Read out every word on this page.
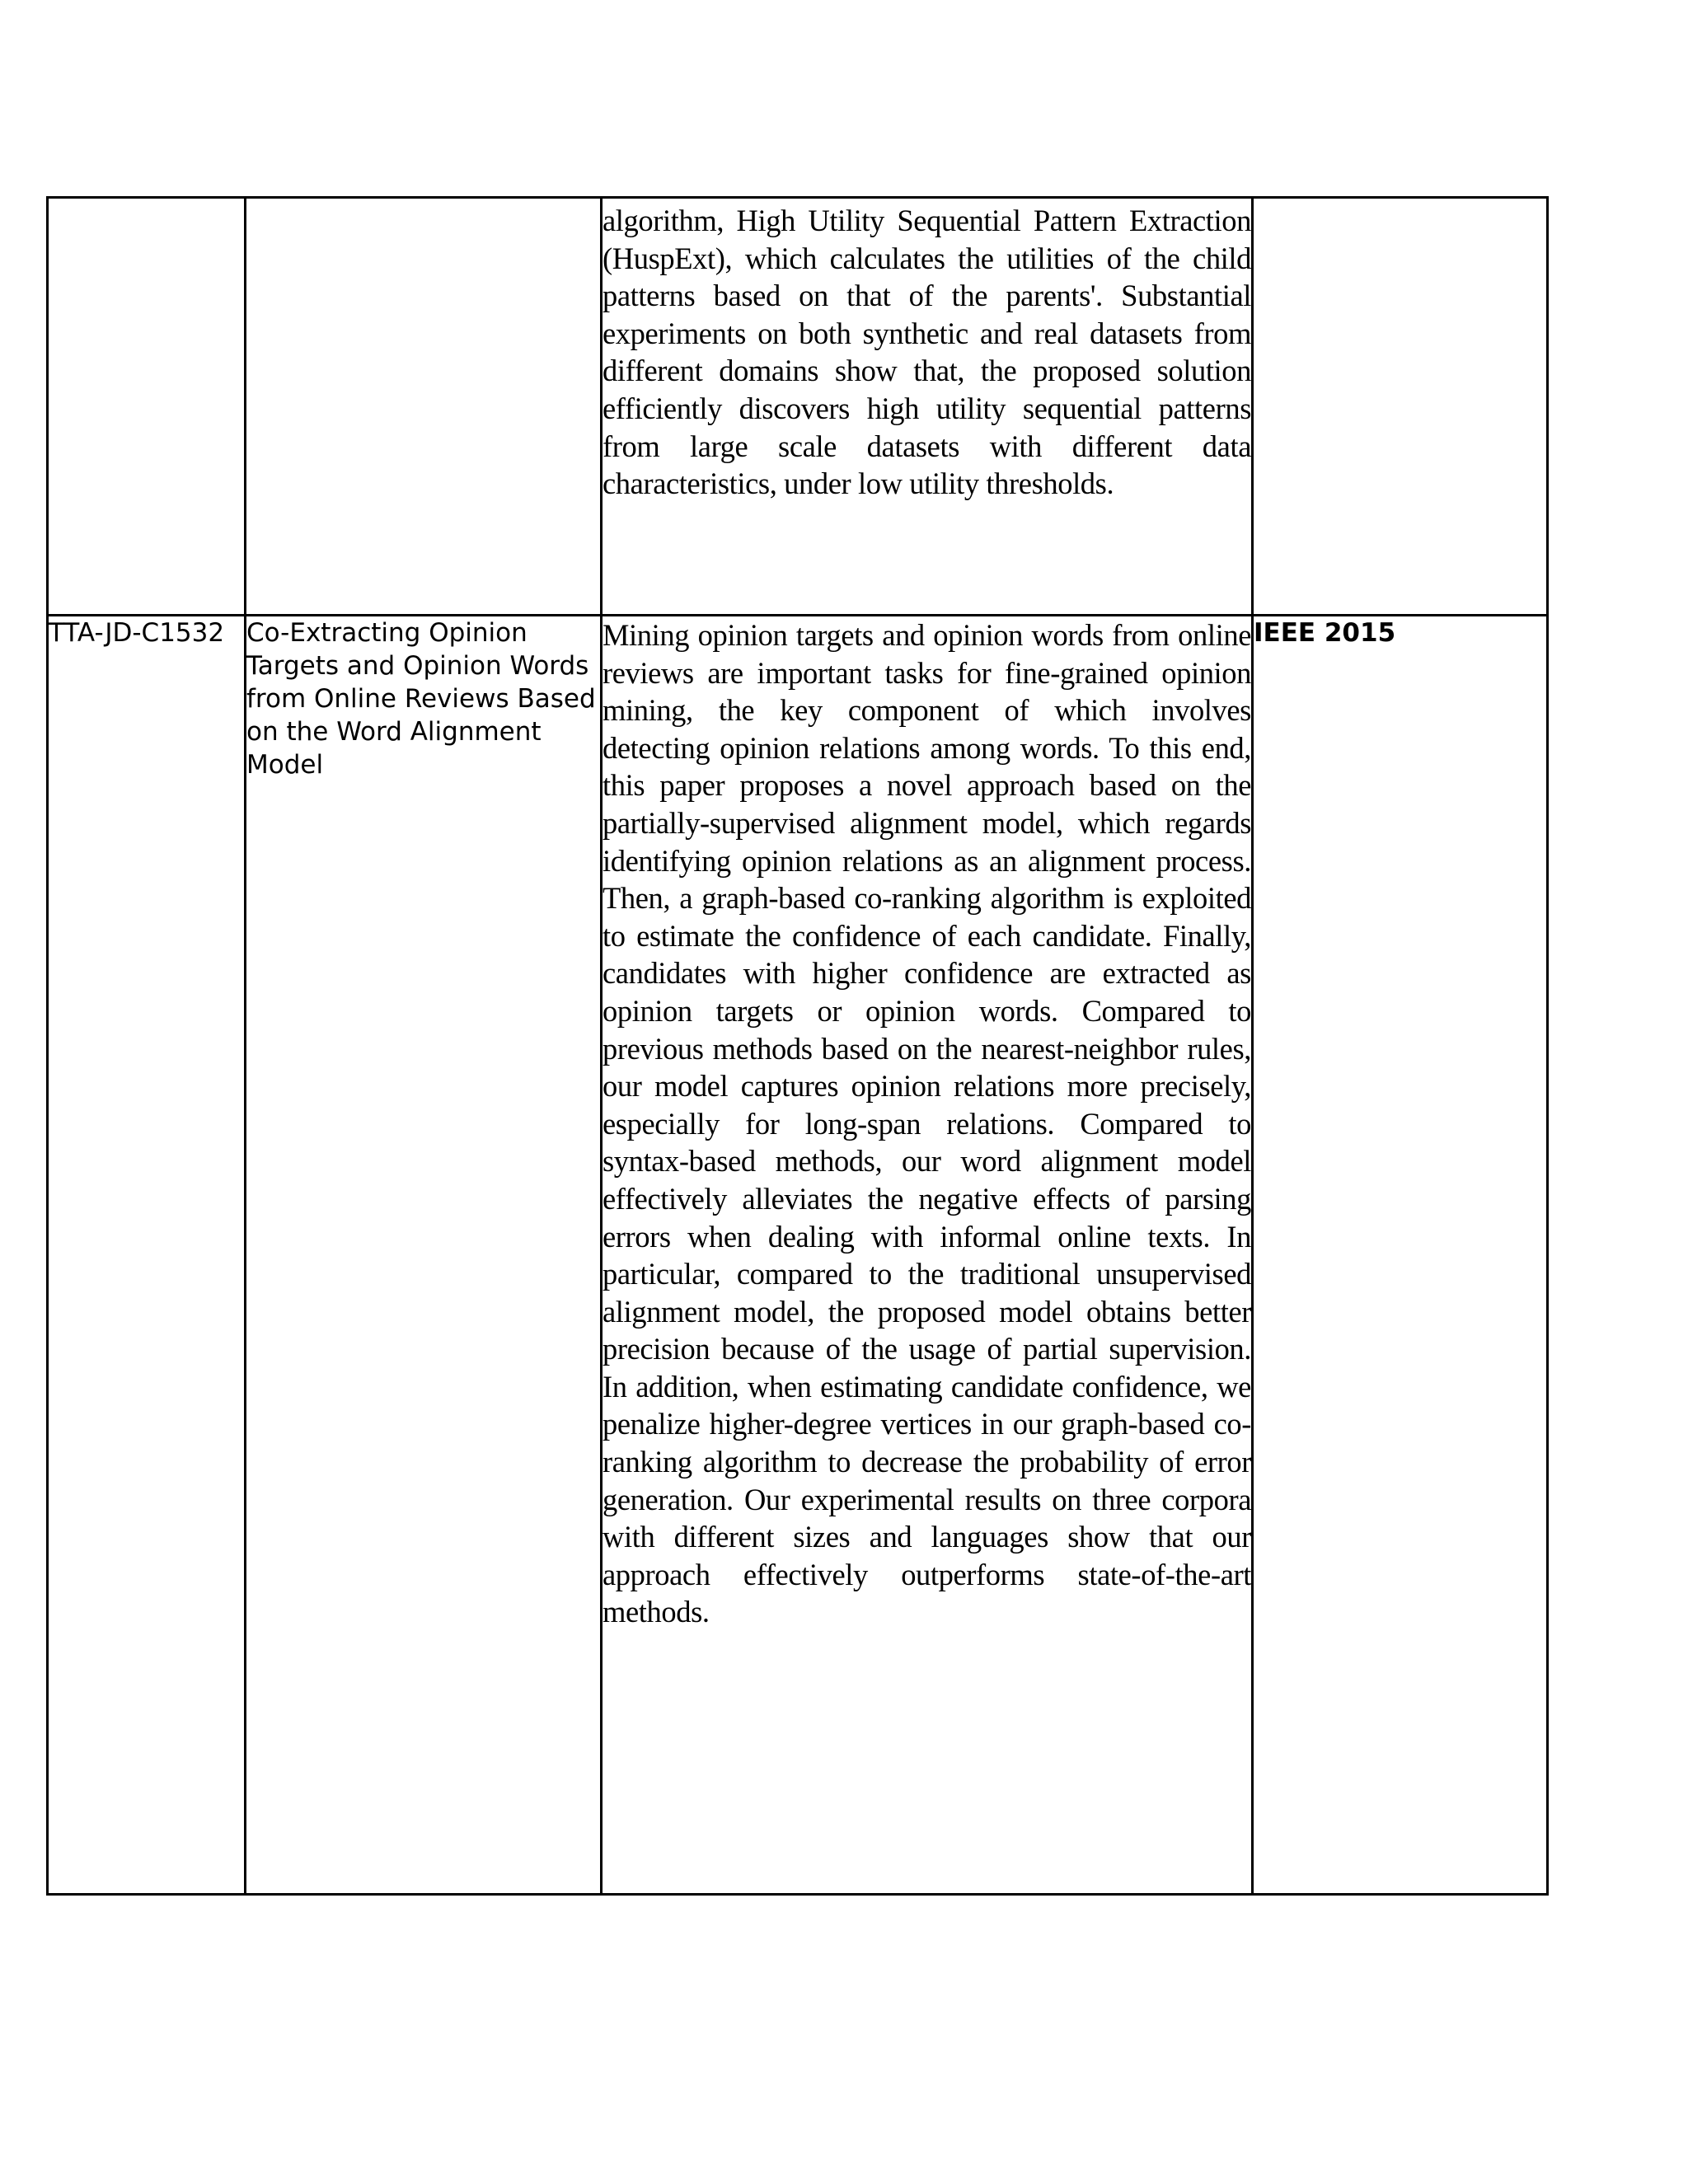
		algorithm, High Utility Sequential Pattern Extraction (HuspExt), which calculates the utilities of the child patterns based on that of the parents'. Substantial experiments on both synthetic and real datasets from different domains show that, the proposed solution efficiently discovers high utility sequential patterns from large scale datasets with different data characteristics, under low utility thresholds.	
TTA-JD-C1532	Co-Extracting Opinion Targets and Opinion Words from Online Reviews Based on the Word Alignment Model	Mining opinion targets and opinion words from online reviews are important tasks for fine-grained opinion mining, the key component of which involves detecting opinion relations among words. To this end, this paper proposes a novel approach based on the partially-supervised alignment model, which regards identifying opinion relations as an alignment process. Then, a graph-based co-ranking algorithm is exploited to estimate the confidence of each candidate. Finally, candidates with higher confidence are extracted as opinion targets or opinion words. Compared to previous methods based on the nearest-neighbor rules, our model captures opinion relations more precisely, especially for long-span relations. Compared to syntax-based methods, our word alignment model effectively alleviates the negative effects of parsing errors when dealing with informal online texts. In particular, compared to the traditional unsupervised alignment model, the proposed model obtains better precision because of the usage of partial supervision. In addition, when estimating candidate confidence, we penalize higher-degree vertices in our graph-based co-ranking algorithm to decrease the probability of error generation. Our experimental results on three corpora with different sizes and languages show that our approach effectively outperforms state-of-the-art methods.	IEEE 2015
